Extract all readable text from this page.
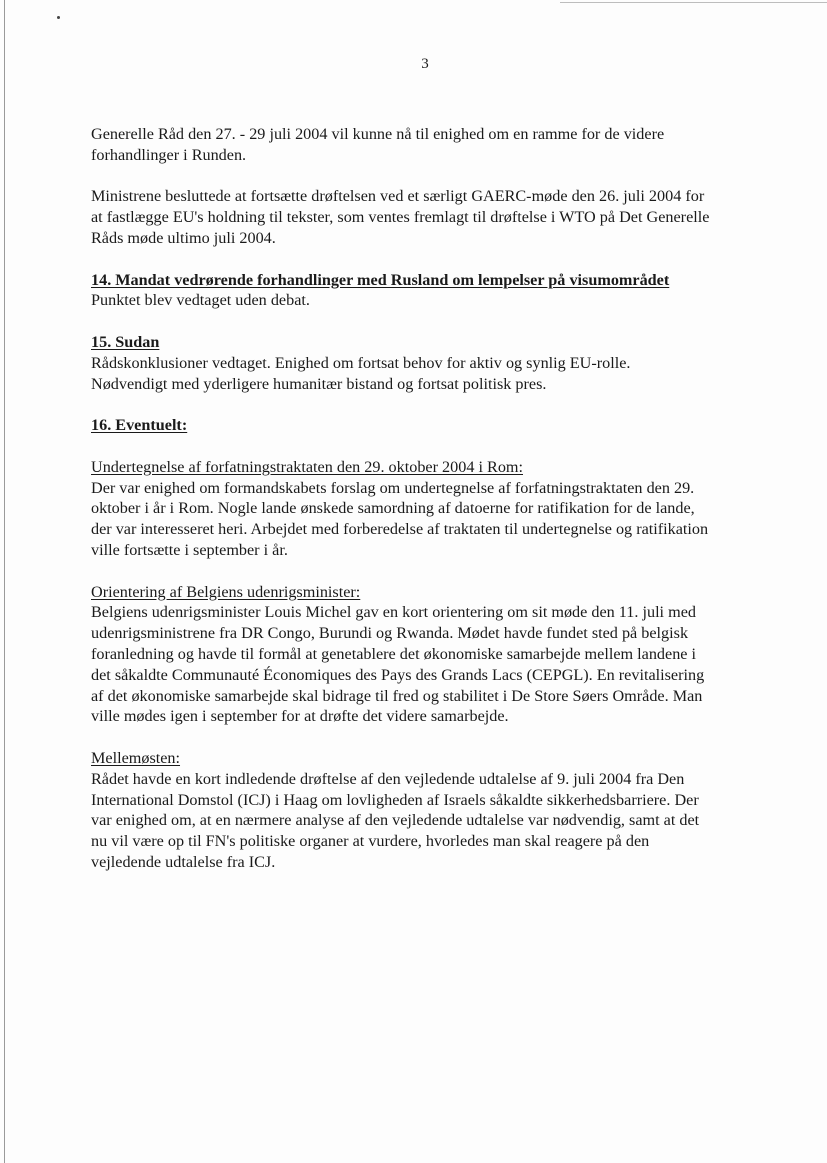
3
Generelle Råd den 27. - 29 juli 2004 vil kunne nå til enighed om en ramme for de videre
forhandlinger i Runden.
Ministrene besluttede at fortsætte drøftelsen ved et særligt GAERC-møde den 26. juli 2004 for
at fastlægge EU's holdning til tekster, som ventes fremlagt til drøftelse i WTO på Det Generelle
Råds møde ultimo juli 2004.
14. Mandat vedrørende forhandlinger med Rusland om lempelser på visumområdet
Punktet blev vedtaget uden debat.
15. Sudan
Rådskonklusioner vedtaget. Enighed om fortsat behov for aktiv og synlig EU-rolle.
Nødvendigt med yderligere humanitær bistand og fortsat politisk pres.
16. Eventuelt:
Undertegnelse af forfatningstraktaten den 29. oktober 2004 i Rom:
Der var enighed om formandskabets forslag om undertegnelse af forfatningstraktaten den 29.
oktober i år i Rom. Nogle lande ønskede samordning af datoerne for ratifikation for de lande,
der var interesseret heri. Arbejdet med forberedelse af traktaten til undertegnelse og ratifikation
ville fortsætte i september i år.
Orientering af Belgiens udenrigsminister:
Belgiens udenrigsminister Louis Michel gav en kort orientering om sit møde den 11. juli med
udenrigsministrene fra DR Congo, Burundi og Rwanda. Mødet havde fundet sted på belgisk
foranledning og havde til formål at genetablere det økonomiske samarbejde mellem landene i
det såkaldte Communauté Économiques des Pays des Grands Lacs (CEPGL). En revitalisering
af det økonomiske samarbejde skal bidrage til fred og stabilitet i De Store Søers Område. Man
ville mødes igen i september for at drøfte det videre samarbejde.
Mellemøsten:
Rådet havde en kort indledende drøftelse af den vejledende udtalelse af 9. juli 2004 fra Den
International Domstol (ICJ) i Haag om lovligheden af Israels såkaldte sikkerhedsbarriere. Der
var enighed om, at en nærmere analyse af den vejledende udtalelse var nødvendig, samt at det
nu vil være op til FN's politiske organer at vurdere, hvorledes man skal reagere på den
vejledende udtalelse fra ICJ.
